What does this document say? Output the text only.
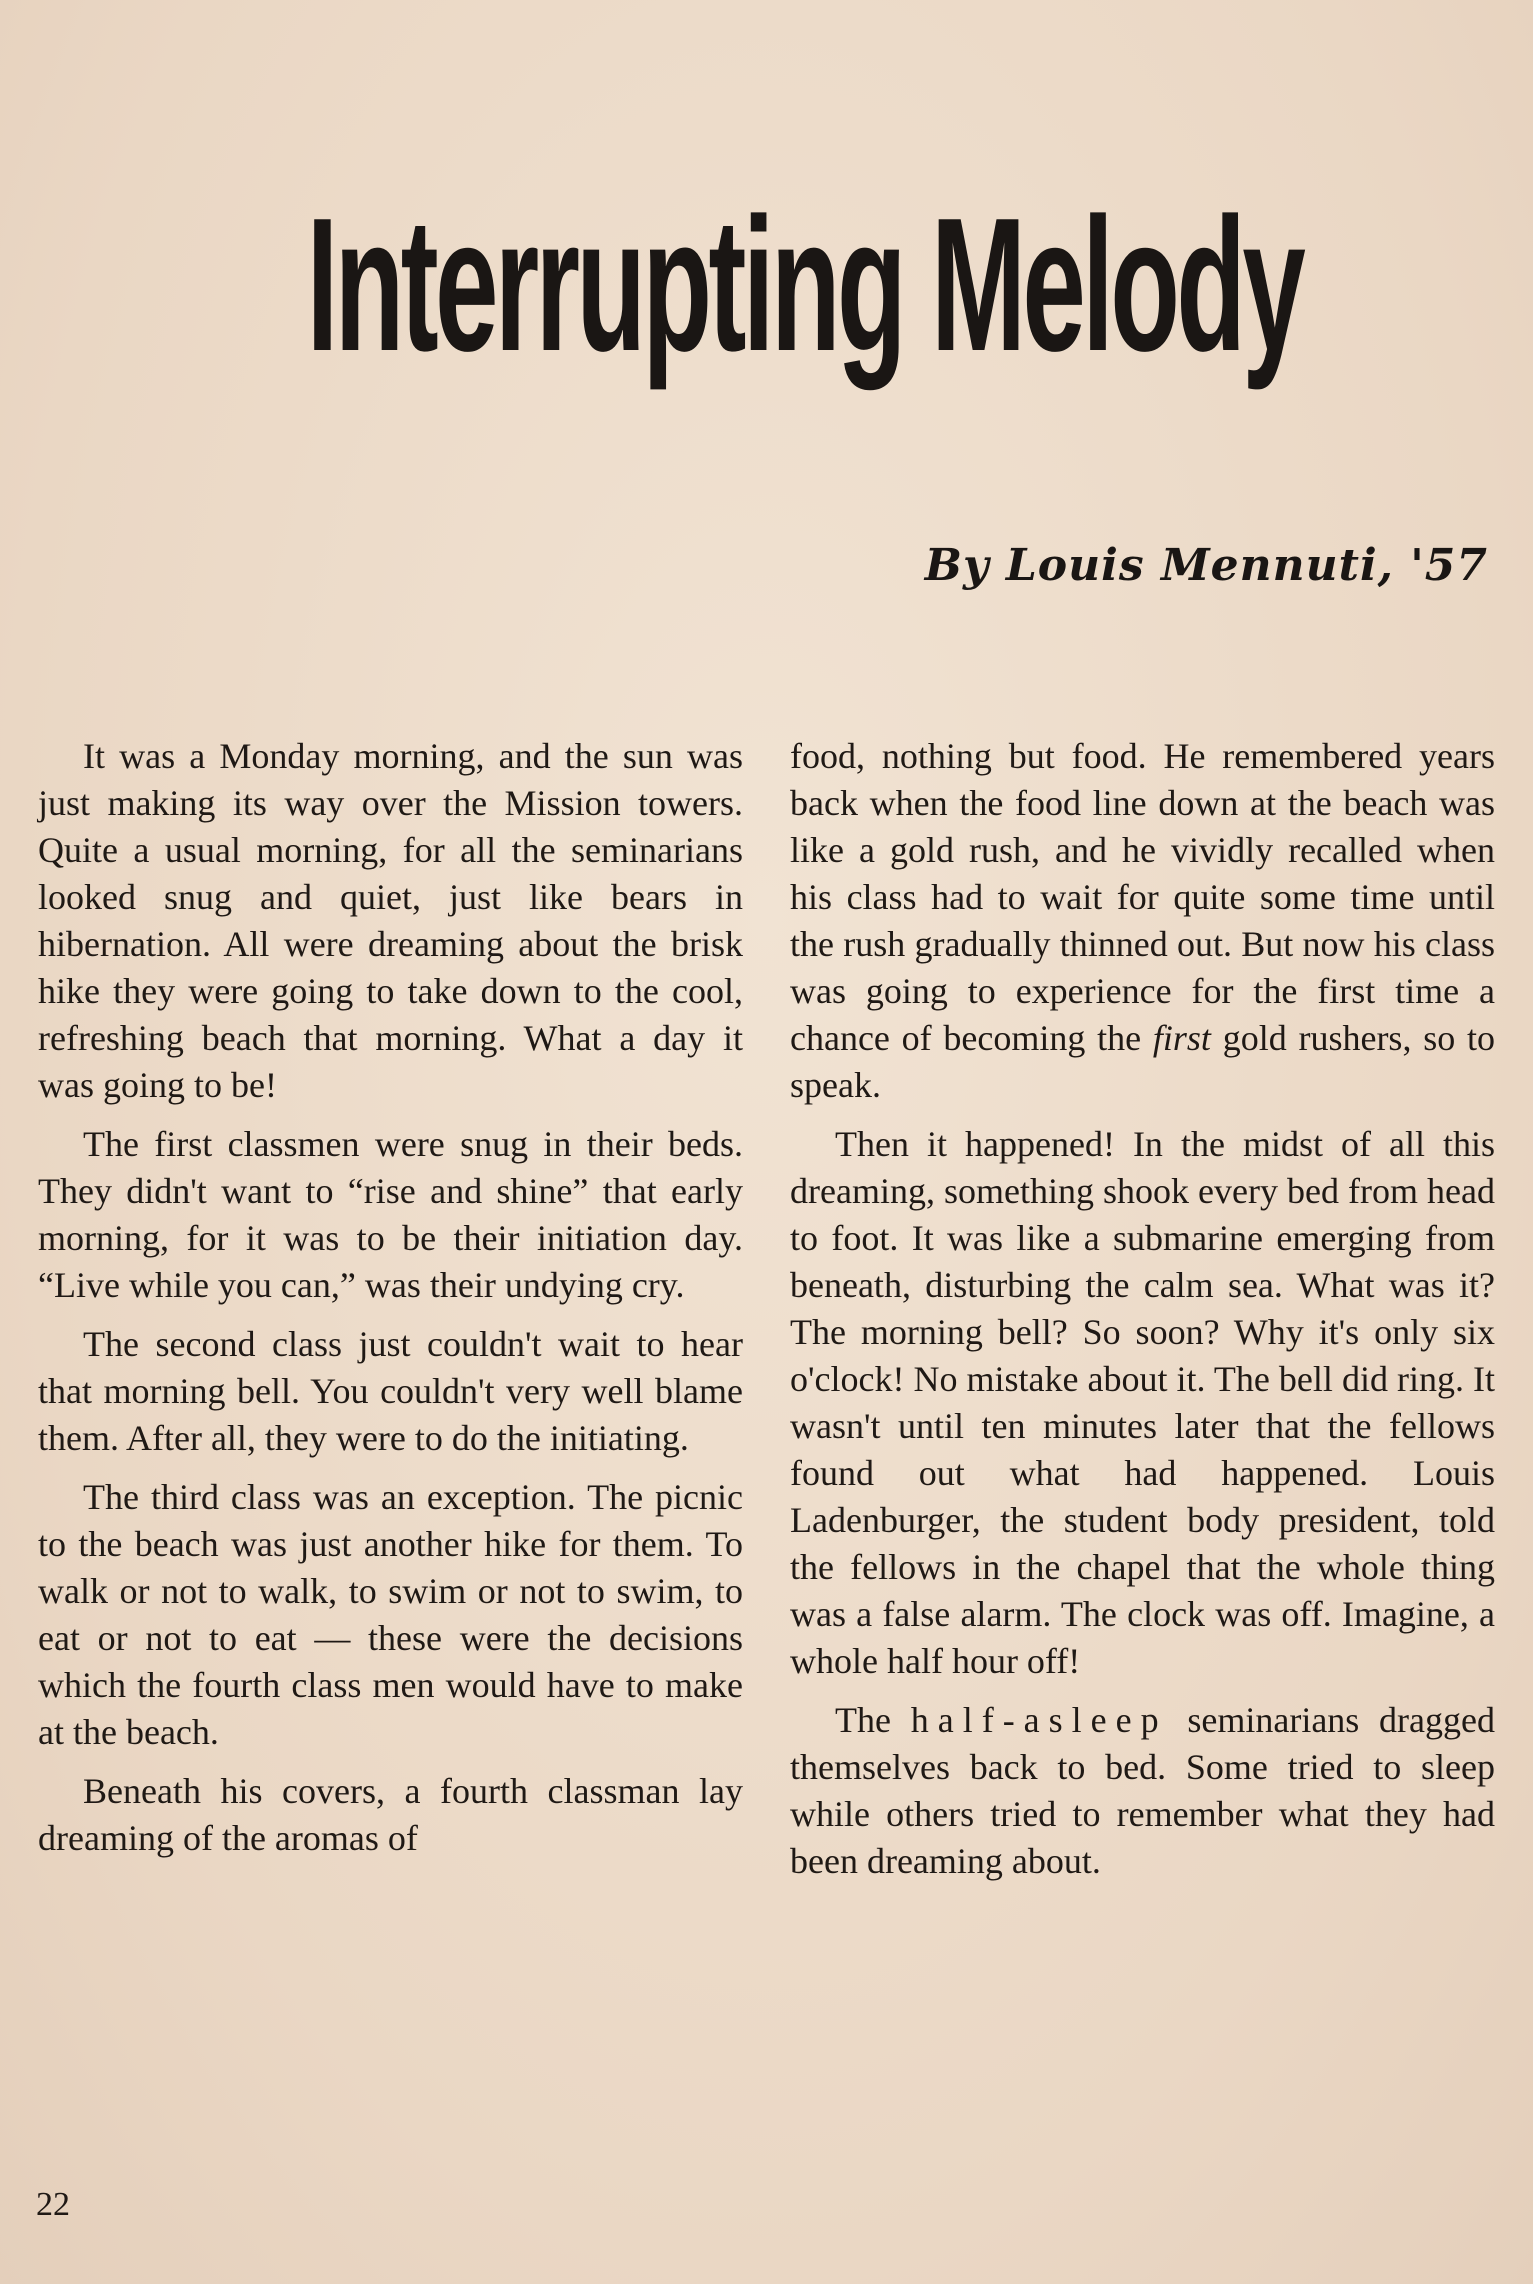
Interrupting Melody
By Louis Mennuti, '57

It was a Monday morning, and the sun was just making its way over the Mission towers. Quite a usual morning, for all the seminarians looked snug and quiet, just like bears in hibernation. All were dreaming about the brisk hike they were going to take down to the cool, refreshing beach that morning. What a day it was going to be!

The first classmen were snug in their beds. They didn't want to “rise and shine” that early morning, for it was to be their initiation day. “Live while you can,” was their undying cry.

The second class just couldn't wait to hear that morning bell. You couldn't very well blame them. After all, they were to do the initiating.

The third class was an exception. The picnic to the beach was just another hike for them. To walk or not to walk, to swim or not to swim, to eat or not to eat — these were the decisions which the fourth class men would have to make at the beach.

Beneath his covers, a fourth classman lay dreaming of the aromas of

food, nothing but food. He remembered years back when the food line down at the beach was like a gold rush, and he vividly recalled when his class had to wait for quite some time until the rush gradually thinned out. But now his class was going to experience for the first time a chance of becoming the first gold rushers, so to speak.

Then it happened! In the midst of all this dreaming, something shook every bed from head to foot. It was like a submarine emerging from beneath, disturbing the calm sea. What was it? The morning bell? So soon? Why it's only six o'clock! No mistake about it. The bell did ring. It wasn't until ten minutes later that the fellows found out what had happened. Louis Ladenburger, the student body president, told the fellows in the chapel that the whole thing was a false alarm. The clock was off. Imagine, a whole half hour off!

The half-asleep seminarians dragged themselves back to bed. Some tried to sleep while others tried to remember what they had been dreaming about.

22
